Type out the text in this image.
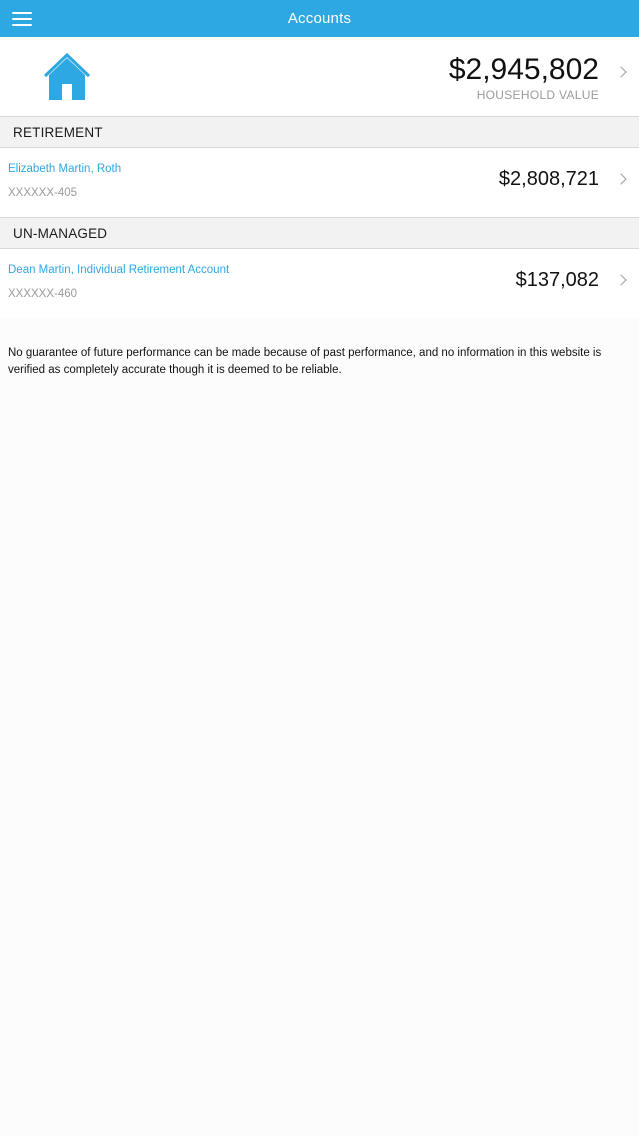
Accounts
$2,945,802
HOUSEHOLD VALUE
RETIREMENT
Elizabeth Martin, Roth
XXXXXX-405
$2,808,721
UN-MANAGED
Dean Martin, Individual Retirement Account
XXXXXX-460
$137,082
No guarantee of future performance can be made because of past performance, and no information in this website is verified as completely accurate though it is deemed to be reliable.
